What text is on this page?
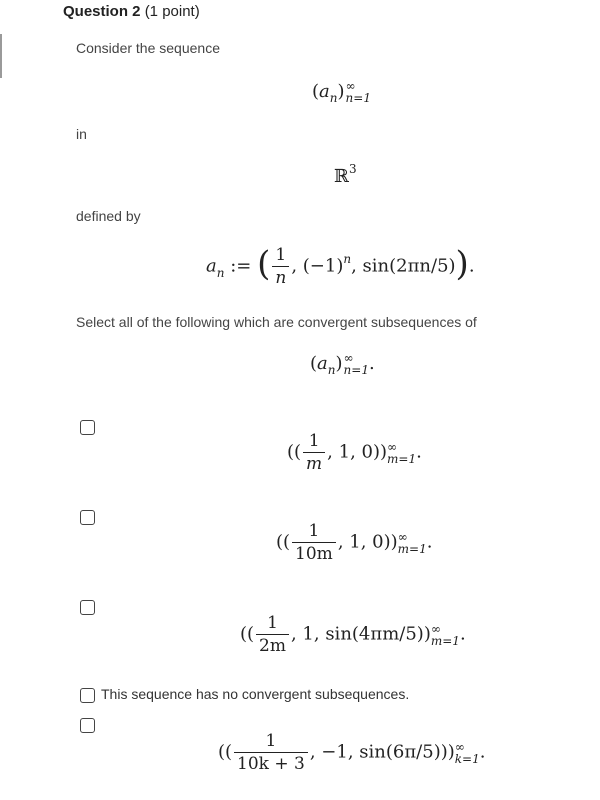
Question 2 (1 point)
Consider the sequence
$(a_n)$ ∞
n=1
in
ℝ$^3$
defined by
$a_n$ := ( $\frac{1}{n}$ , $(-1)^n$, sin(2πn/5)).
Select all of the following which are convergent subsequences of
$(a_n)$ ∞
n=1 .
(( $\frac{1}{m}$ , 1, 0)) ∞
m=1 .
(( $\frac{1}{10m}$ , 1, 0)) ∞
m=1 .
(( $\frac{1}{2m}$ , 1, sin(4πm/5)) ∞
m=1 .
This sequence has no convergent subsequences.
(( $\frac{1}{10k + 3}$ , −1, sin(6π/5))) ∞
k=1 .
